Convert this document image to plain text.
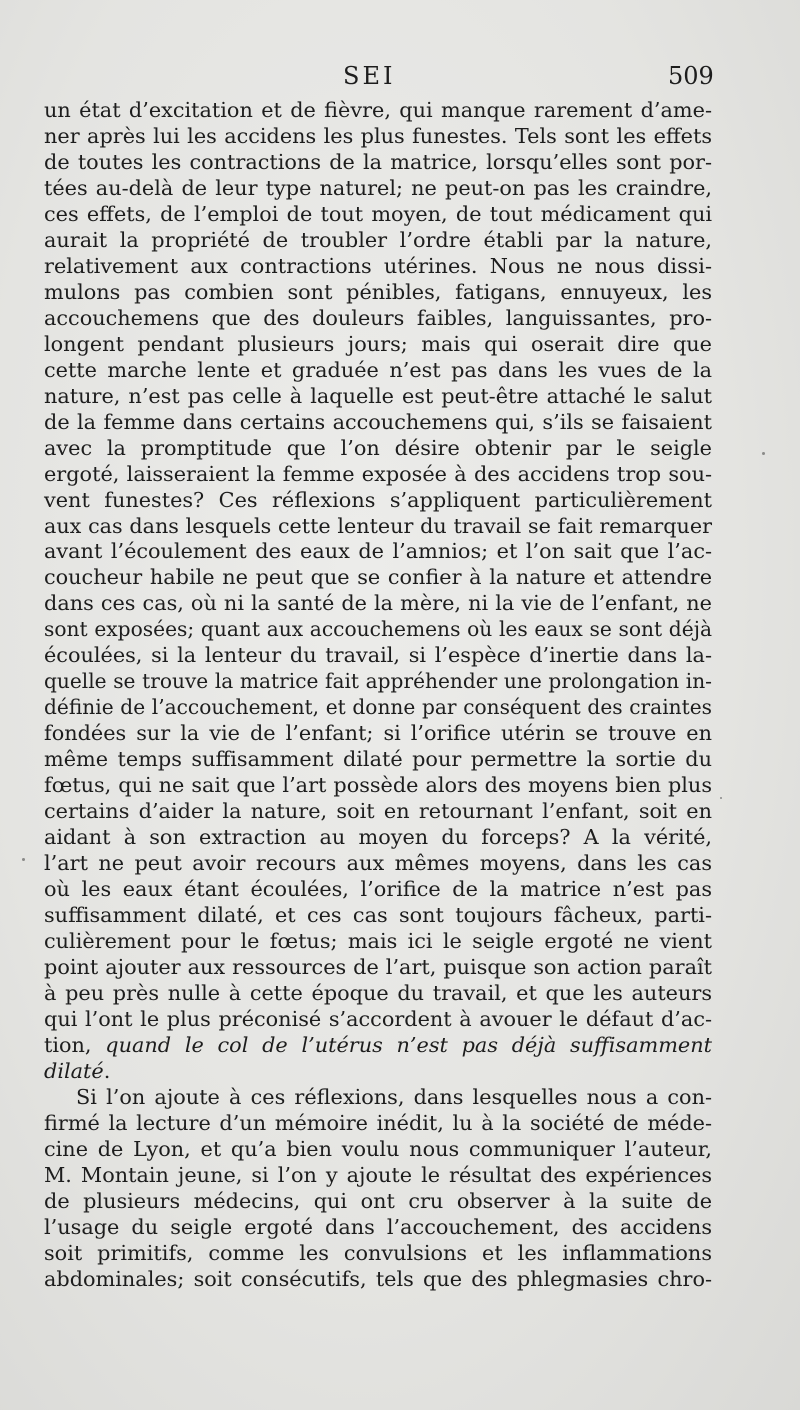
SEI	509
un état d’excitation et de fièvre, qui manque rarement d’ame-
ner après lui les accidens les plus funestes. Tels sont les effets
de toutes les contractions de la matrice, lorsqu’elles sont por-
tées au-delà de leur type naturel; ne peut-on pas les craindre,
ces effets, de l’emploi de tout moyen, de tout médicament qui
aurait la propriété de troubler l’ordre établi par la nature,
relativement aux contractions utérines. Nous ne nous dissi-
mulons pas combien sont pénibles, fatigans, ennuyeux, les
accouchemens que des douleurs faibles, languissantes, pro-
longent pendant plusieurs jours; mais qui oserait dire que
cette marche lente et graduée n’est pas dans les vues de la
nature, n’est pas celle à laquelle est peut-être attaché le salut
de la femme dans certains accouchemens qui, s’ils se faisaient
avec la promptitude que l’on désire obtenir par le seigle
ergoté, laisseraient la femme exposée à des accidens trop sou-
vent funestes? Ces réflexions s’appliquent particulièrement
aux cas dans lesquels cette lenteur du travail se fait remarquer
avant l’écoulement des eaux de l’amnios; et l’on sait que l’ac-
coucheur habile ne peut que se confier à la nature et attendre
dans ces cas, où ni la santé de la mère, ni la vie de l’enfant, ne
sont exposées; quant aux accouchemens où les eaux se sont déjà
écoulées, si la lenteur du travail, si l’espèce d’inertie dans la-
quelle se trouve la matrice fait appréhender une prolongation in-
définie de l’accouchement, et donne par conséquent des craintes
fondées sur la vie de l’enfant; si l’orifice utérin se trouve en
même temps suffisamment dilaté pour permettre la sortie du
fœtus, qui ne sait que l’art possède alors des moyens bien plus
certains d’aider la nature, soit en retournant l’enfant, soit en
aidant à son extraction au moyen du forceps? A la vérité,
l’art ne peut avoir recours aux mêmes moyens, dans les cas
où les eaux étant écoulées, l’orifice de la matrice n’est pas
suffisamment dilaté, et ces cas sont toujours fâcheux, parti-
culièrement pour le fœtus; mais ici le seigle ergoté ne vient
point ajouter aux ressources de l’art, puisque son action paraît
à peu près nulle à cette époque du travail, et que les auteurs
qui l’ont le plus préconisé s’accordent à avouer le défaut d’ac-
tion, quand le col de l’utérus n’est pas déjà suffisamment
dilaté.
Si l’on ajoute à ces réflexions, dans lesquelles nous a con-
firmé la lecture d’un mémoire inédit, lu à la société de méde-
cine de Lyon, et qu’a bien voulu nous communiquer l’auteur,
M. Montain jeune, si l’on y ajoute le résultat des expériences
de plusieurs médecins, qui ont cru observer à la suite de
l’usage du seigle ergoté dans l’accouchement, des accidens
soit primitifs, comme les convulsions et les inflammations
abdominales; soit consécutifs, tels que des phlegmasies chro-
